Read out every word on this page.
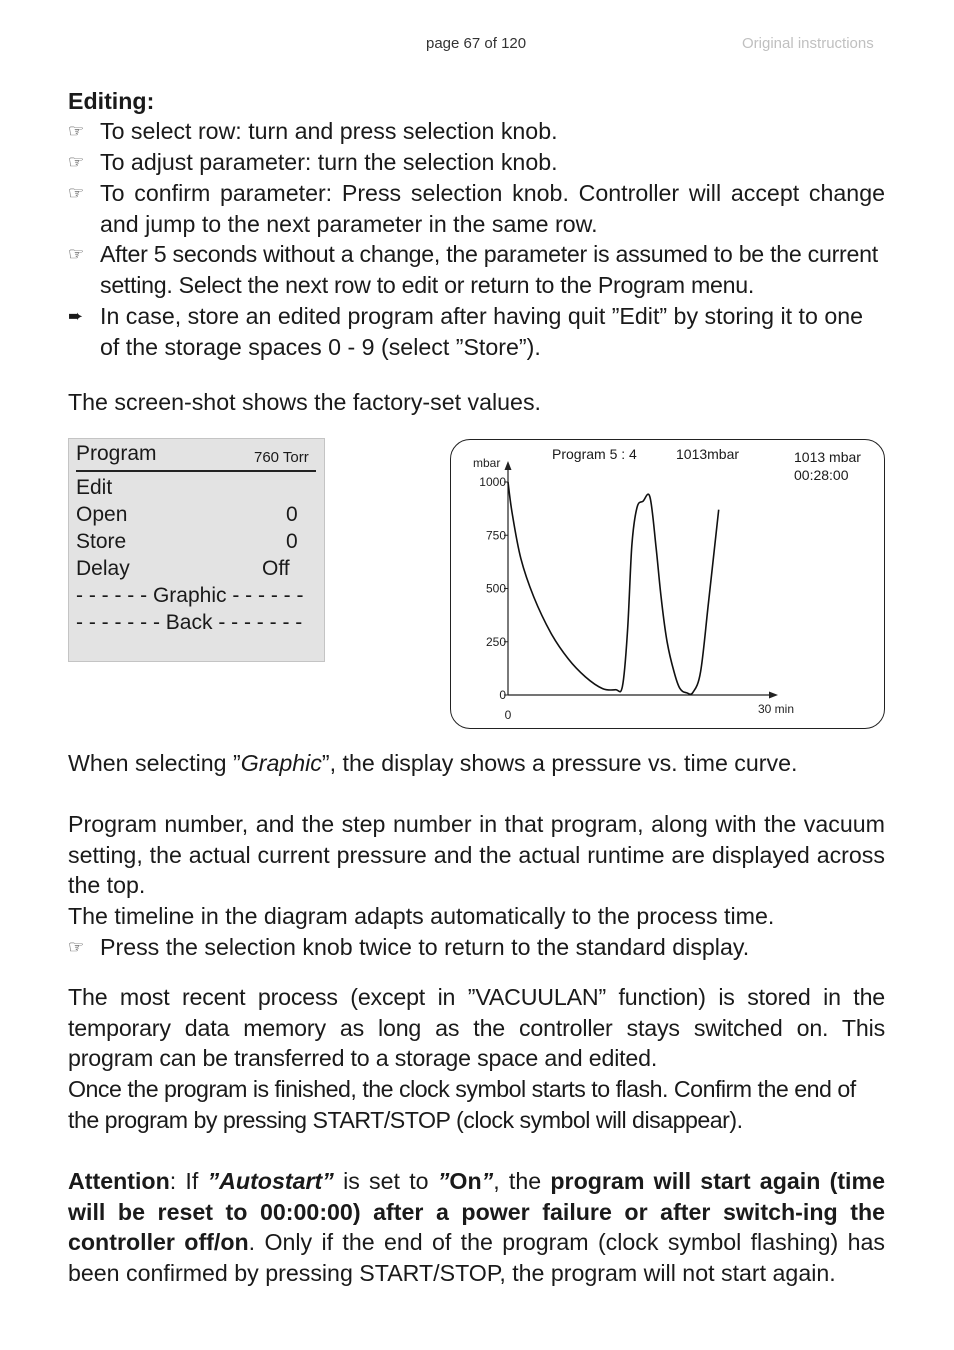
page 67 of 120	Original instructions
Editing:
☞ To select row: turn and press selection knob.
☞ To adjust parameter: turn the selection knob.
☞ To confirm parameter: Press selection knob. Controller will accept change and jump to the next parameter in the same row.
☞ After 5 seconds without a change, the parameter is assumed to be the current setting. Select the next row to edit or return to the Program menu.
➨ In case, store an edited program after having quit ”Edit” by storing it to one of the storage spaces 0 - 9 (select ”Store”).
The screen-shot shows the factory-set values.
Program	760 Torr
Edit
Open	0
Store	0
Delay	Off
- - - - - - Graphic - - - - - -
- - - - - - - Back - - - - - - -
Program 5 : 4	1013mbar	1013 mbar
00:28:00
0
250
500
750
1000
mbar
0	30 min
When selecting ”Graphic”, the display shows a pressure vs. time curve.
Program number, and the step number in that program, along with the vacuum setting, the actual current pressure and the actual runtime are displayed across the top.
The timeline in the diagram adapts automatically to the process time.
☞ Press the selection knob twice to return to the standard display.
The most recent process (except in ”VACUULAN” function) is stored in the temporary data memory as long as the controller stays switched on. This program can be transferred to a storage space and edited.
Once the program is finished, the clock symbol starts to flash. Confirm the end of the program by pressing START/STOP (clock symbol will disappear).
Attention: If ”Autostart” is set to ”On”, the program will start again (time will be reset to 00:00:00) after a power failure or after switch-ing the controller off/on. Only if the end of the program (clock symbol flashing) has been confirmed by pressing START/STOP, the program will not start again.
